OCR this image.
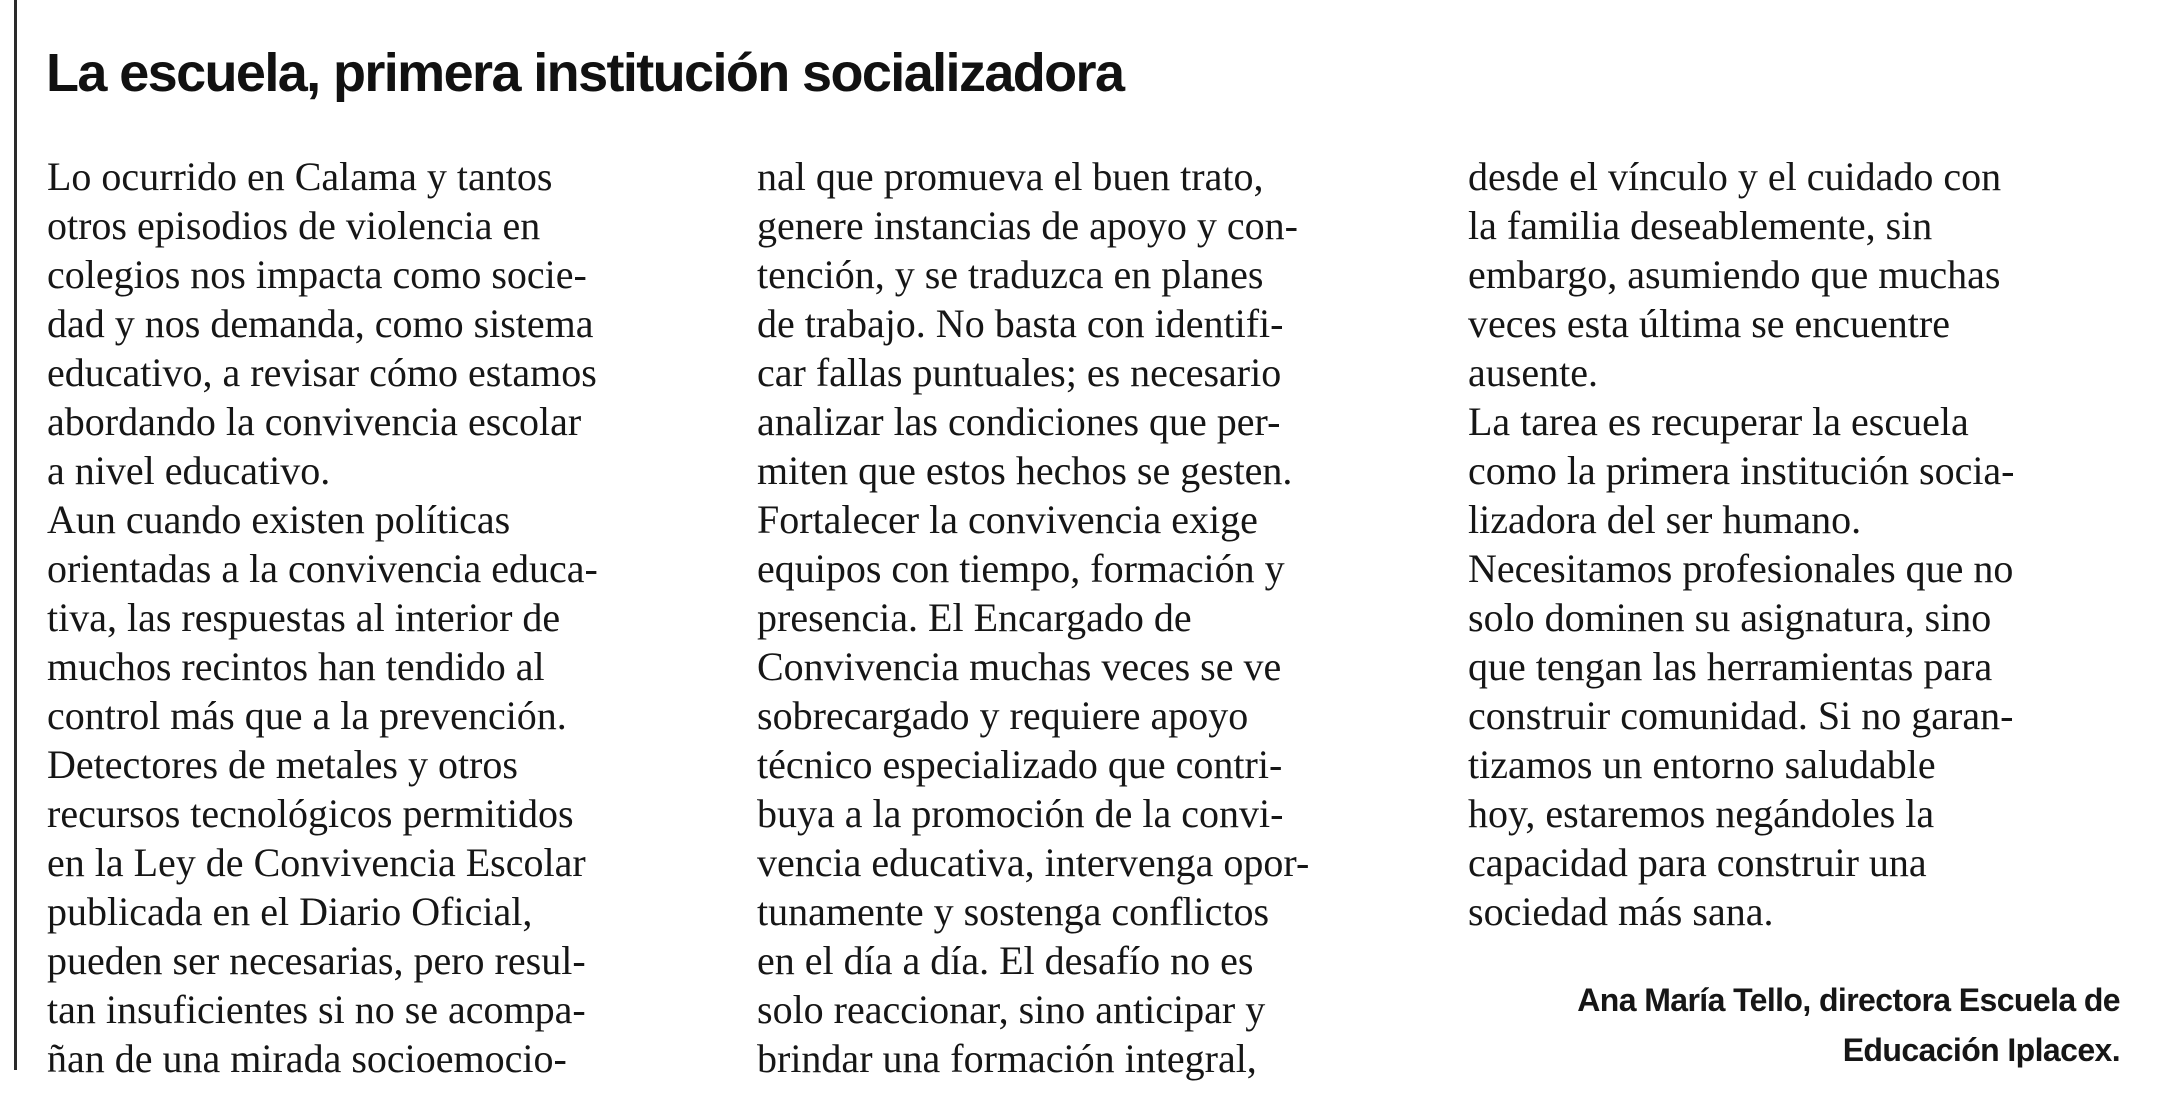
La escuela, primera institución socializadora
Lo ocurrido en Calama y tantos
otros episodios de violencia en
colegios nos impacta como socie-
dad y nos demanda, como sistema
educativo, a revisar cómo estamos
abordando la convivencia escolar
a nivel educativo.
Aun cuando existen políticas
orientadas a la convivencia educa-
tiva, las respuestas al interior de
muchos recintos han tendido al
control más que a la prevención.
Detectores de metales y otros
recursos tecnológicos permitidos
en la Ley de Convivencia Escolar
publicada en el Diario Oficial,
pueden ser necesarias, pero resul-
tan insuficientes si no se acompa-
ñan de una mirada socioemocio-
nal que promueva el buen trato,
genere instancias de apoyo y con-
tención, y se traduzca en planes
de trabajo. No basta con identifi-
car fallas puntuales; es necesario
analizar las condiciones que per-
miten que estos hechos se gesten.
Fortalecer la convivencia exige
equipos con tiempo, formación y
presencia. El Encargado de
Convivencia muchas veces se ve
sobrecargado y requiere apoyo
técnico especializado que contri-
buya a la promoción de la convi-
vencia educativa, intervenga opor-
tunamente y sostenga conflictos
en el día a día. El desafío no es
solo reaccionar, sino anticipar y
brindar una formación integral,
desde el vínculo y el cuidado con
la familia deseablemente, sin
embargo, asumiendo que muchas
veces esta última se encuentre
ausente.
La tarea es recuperar la escuela
como la primera institución socia-
lizadora del ser humano.
Necesitamos profesionales que no
solo dominen su asignatura, sino
que tengan las herramientas para
construir comunidad. Si no garan-
tizamos un entorno saludable
hoy, estaremos negándoles la
capacidad para construir una
sociedad más sana.
Ana María Tello, directora Escuela de
Educación Iplacex.
